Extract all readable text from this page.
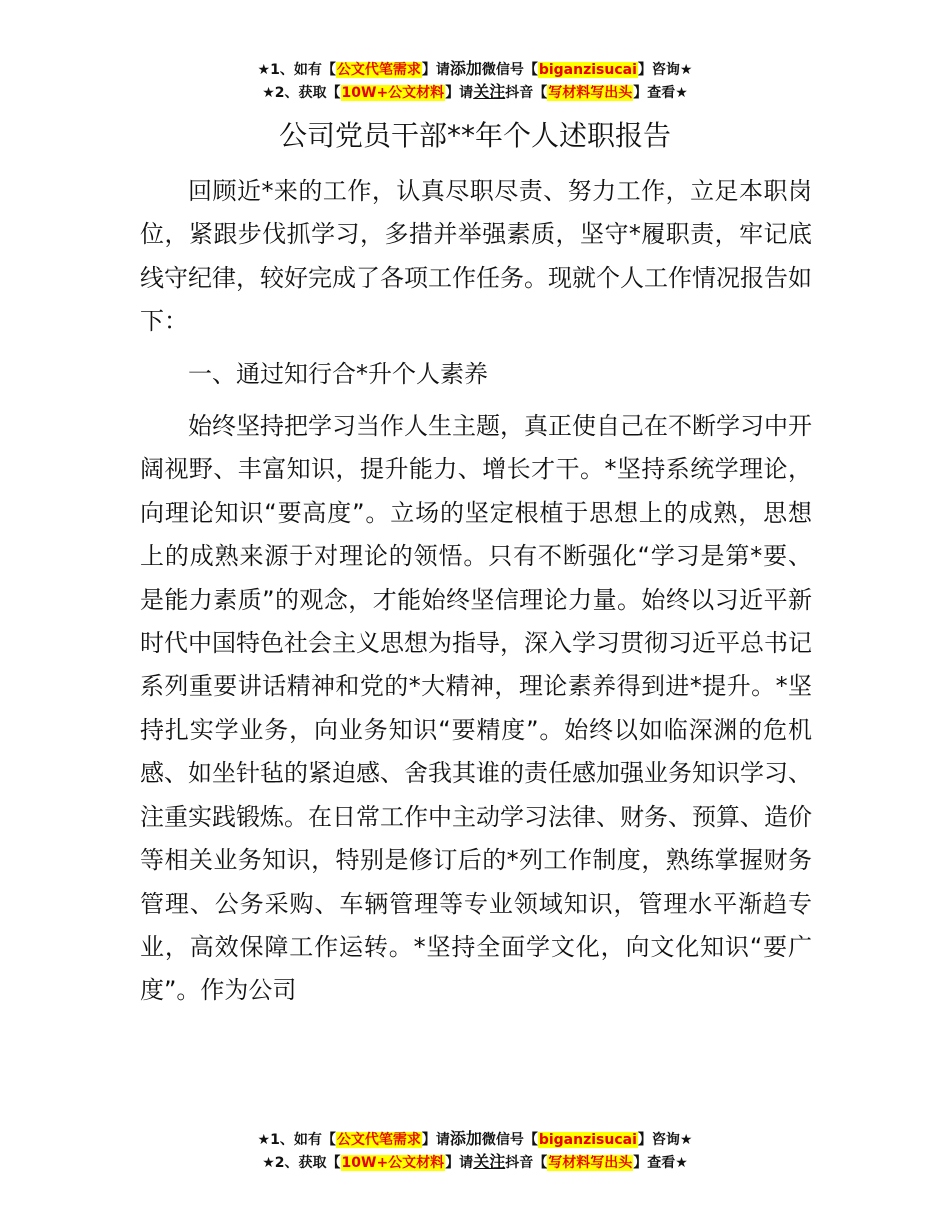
★1、如有【公文代笔需求】请添加微信号【biganzisucai】咨询★
★2、获取【10W+公文材料】请关注抖音【写材料写出头】查看★
公司党员干部**年个人述职报告

回顾近*来的工作，认真尽职尽责、努力工作，立足本职岗位，紧跟步伐抓学习，多措并举强素质，坚守*履职责，牢记底线守纪律，较好完成了各项工作任务。现就个人工作情况报告如下：

一、通过知行合*升个人素养

始终坚持把学习当作人生主题，真正使自己在不断学习中开阔视野、丰富知识，提升能力、增长才干。*坚持系统学理论，向理论知识“要高度”。立场的坚定根植于思想上的成熟，思想上的成熟来源于对理论的领悟。只有不断强化“学习是第*要、是能力素质”的观念，才能始终坚信理论力量。始终以习近平新时代中国特色社会主义思想为指导，深入学习贯彻习近平总书记系列重要讲话精神和党的*大精神，理论素养得到进*提升。*坚持扎实学业务，向业务知识“要精度”。始终以如临深渊的危机感、如坐针毡的紧迫感、舍我其谁的责任感加强业务知识学习、注重实践锻炼。在日常工作中主动学习法律、财务、预算、造价等相关业务知识，特别是修订后的*列工作制度，熟练掌握财务管理、公务采购、车辆管理等专业领域知识，管理水平渐趋专业，高效保障工作运转。*坚持全面学文化，向文化知识“要广度”。作为公司

★1、如有【公文代笔需求】请添加微信号【biganzisucai】咨询★
★2、获取【10W+公文材料】请关注抖音【写材料写出头】查看★
